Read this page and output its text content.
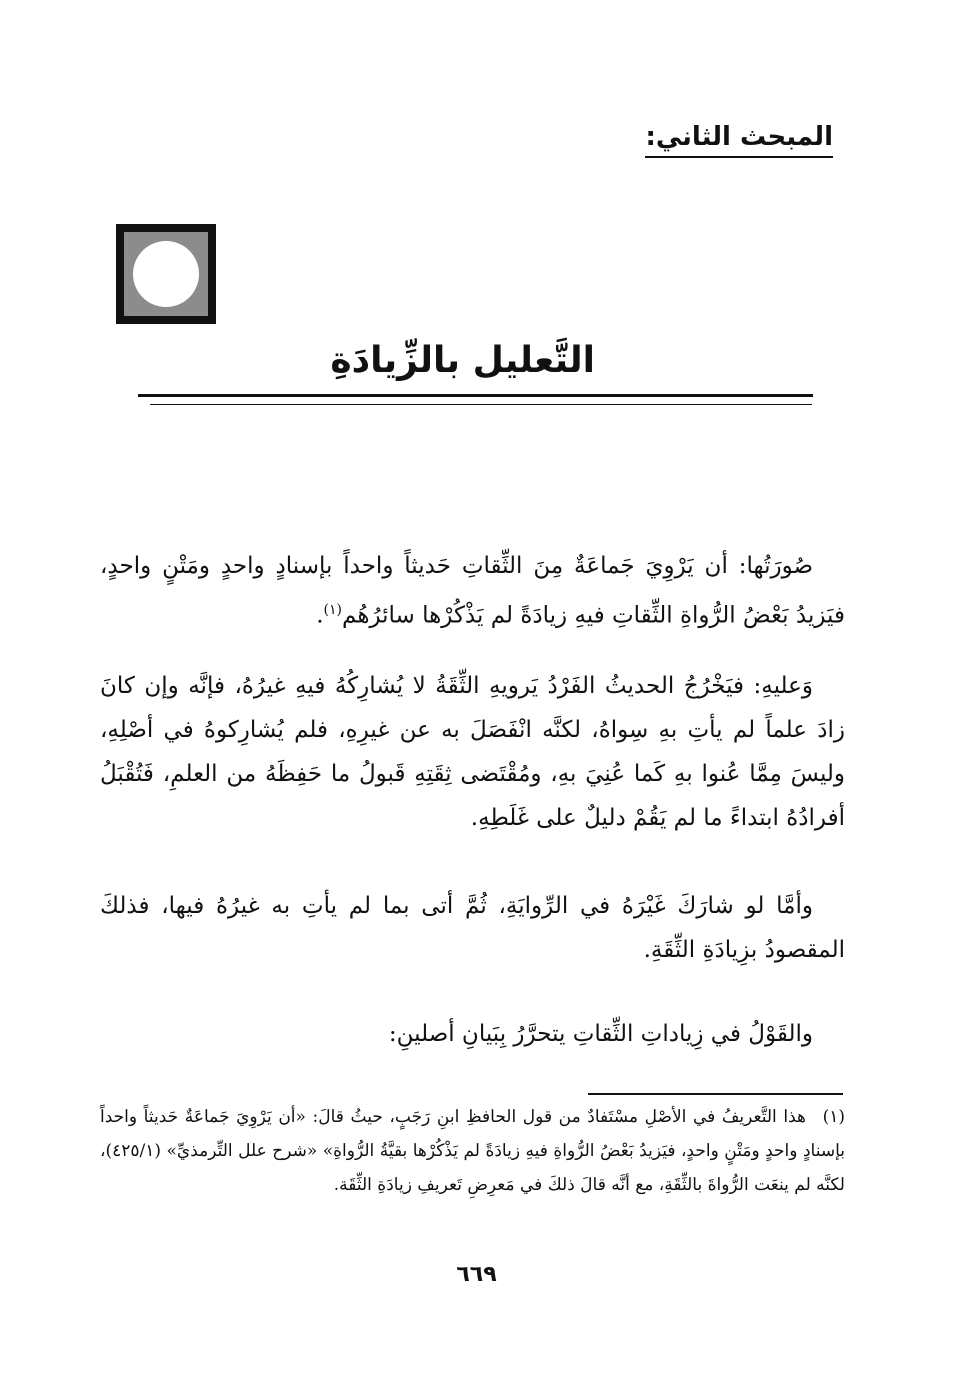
المبحث الثاني:
التَّعليل بالزِّيادَةِ

صُورَتُها: أن يَرْوِيَ جَماعَةٌ مِنَ الثِّقاتِ حَديثاً واحداً بإسنادٍ واحدٍ ومَتْنٍ واحدٍ، فيَزيدُ بَعْضُ الرُّواةِ الثِّقاتِ فيهِ زيادَةً لم يَذْكُرْها سائرُهُم$^{(١)}$.

وَعليهِ: فيَخْرُجُ الحديثُ الفَرْدُ يَرويهِ الثِّقَةُ لا يُشارِكُهُ فيهِ غيرُهُ، فإنَّه وإن كانَ زادَ علماً لم يأتِ بهِ سِواهُ، لكنَّه انْفَصَلَ به عن غيرِهِ، فلم يُشارِكوهُ في أصْلِهِ، وليسَ مِمَّا عُنوا بهِ كَما عُنِيَ بهِ، ومُقْتَضى ثِقَتِهِ قَبولُ ما حَفِظَهُ من العلمِ، فَتُقْبَلُ أفرادُهُ ابتداءً ما لم يَقُمْ دليلٌ على غَلَطِهِ.

وأمَّا لو شارَكَ غَيْرَهُ في الرِّوايَةِ، ثُمَّ أتى بما لم يأتِ به غيرُهُ فيها، فذلكَ المقصودُ بزِيادَةِ الثِّقَةِ.

والقَوْلُ في زِياداتِ الثِّقاتِ يتحرَّرُ بِبَيانِ أصلينِ:

(١) هذا التَّعريفُ في الأصْلِ مسْتَفادٌ من قول الحافظِ ابنِ رَجَبٍ، حيثُ قالَ: «أن يَرْوِيَ جَماعَةٌ حَديثاً واحداً بإسنادٍ واحدٍ ومَتْنٍ واحدٍ، فيَزيدُ بَعْضُ الرُّواةِ فيهِ زيادَةً لم يَذْكُرْها بقيَّةُ الرُّواةِ» «شرح علل التِّرمذيِّ» (٤٢٥/١)، لكنَّه لم ينعَت الرُّواةَ بالثِّقَةِ، مع أنَّه قالَ ذلكَ في مَعرِضِ تَعريفِ زيادَةِ الثِّقَة.
٦٦٩
